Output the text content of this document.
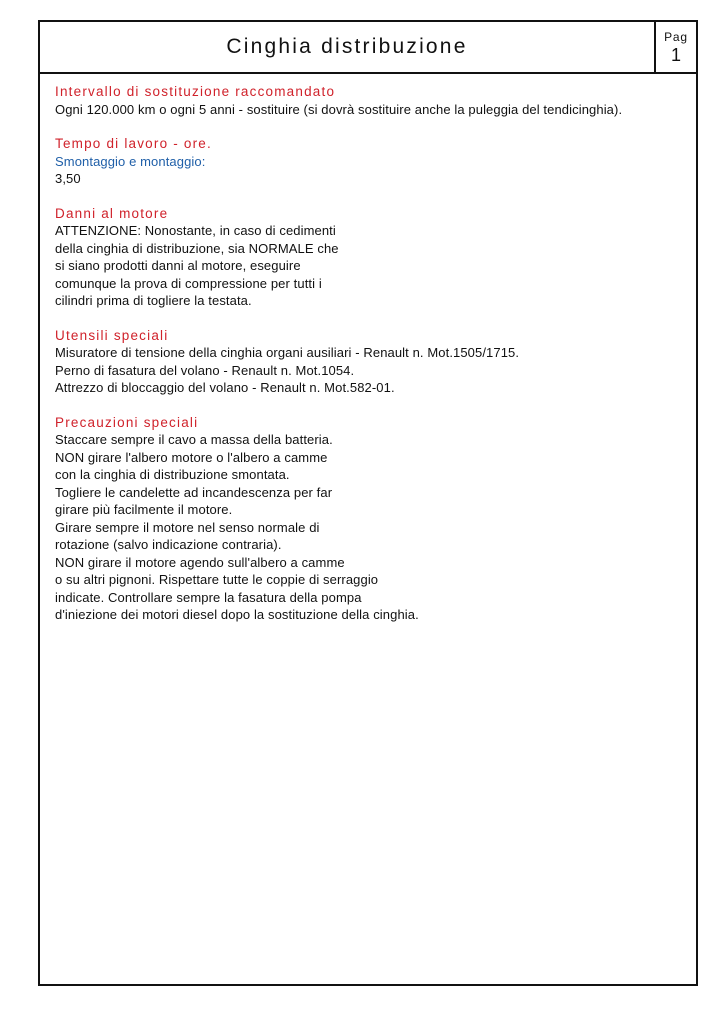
Cinghia distribuzione	Pag
1
Intervallo di sostituzione raccomandato
Ogni 120.000 km o ogni 5 anni - sostituire (si dovrà sostituire anche la puleggia del tendicinghia).
Tempo di lavoro - ore.
Smontaggio e montaggio:
3,50
Danni al motore
ATTENZIONE: Nonostante, in caso di cedimenti
della cinghia di distribuzione, sia NORMALE che
si siano prodotti danni al motore, eseguire
comunque la prova di compressione per tutti i
cilindri prima di togliere la testata.
Utensili speciali
Misuratore di tensione della cinghia organi ausiliari - Renault n. Mot.1505/1715.
Perno di fasatura del volano - Renault n. Mot.1054.
Attrezzo di bloccaggio del volano - Renault n. Mot.582-01.
Precauzioni speciali
Staccare sempre il cavo a massa della batteria.
NON girare l'albero motore o l'albero a camme
con la cinghia di distribuzione smontata.
Togliere le candelette ad incandescenza per far
girare più facilmente il motore.
Girare sempre il motore nel senso normale di
rotazione (salvo indicazione contraria).
NON girare il motore agendo sull'albero a camme
o su altri pignoni. Rispettare tutte le coppie di serraggio
indicate. Controllare sempre la fasatura della pompa
d'iniezione dei motori diesel dopo la sostituzione della cinghia.
